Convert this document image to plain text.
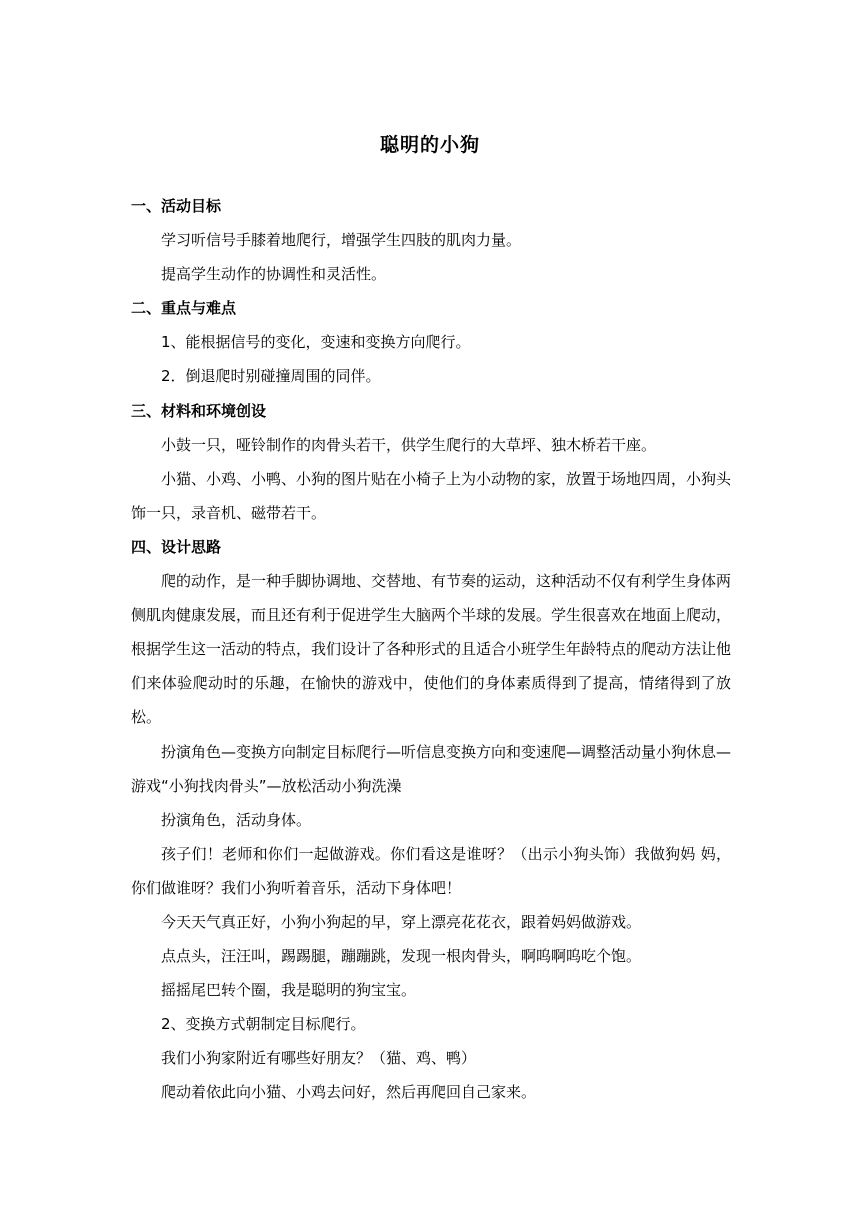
聪明的小狗
一、活动目标
学习听信号手膝着地爬行，增强学生四肢的肌肉力量。
提高学生动作的协调性和灵活性。
二、重点与难点
1、能根据信号的变化，变速和变换方向爬行。
2．倒退爬时别碰撞周围的同伴。
三、材料和环境创设
小鼓一只，哑铃制作的肉骨头若干，供学生爬行的大草坪、独木桥若干座。
小猫、小鸡、小鸭、小狗的图片贴在小椅子上为小动物的家，放置于场地四周，小狗头饰一只，录音机、磁带若干。
四、设计思路
爬的动作，是一种手脚协调地、交替地、有节奏的运动，这种活动不仅有利学生身体两侧肌肉健康发展，而且还有利于促进学生大脑两个半球的发展。学生很喜欢在地面上爬动，根据学生这一活动的特点，我们设计了各种形式的且适合小班学生年龄特点的爬动方法让他们来体验爬动时的乐趣，在愉快的游戏中，使他们的身体素质得到了提高，情绪得到了放松。
扮演角色—变换方向制定目标爬行—听信息变换方向和变速爬—调整活动量小狗休息—游戏“小狗找肉骨头”—放松活动小狗洗澡
扮演角色，活动身体。
孩子们！老师和你们一起做游戏。你们看这是谁呀？（出示小狗头饰）我做狗妈 妈，你们做谁呀？我们小狗听着音乐，活动下身体吧！
今天天气真正好，小狗小狗起的早，穿上漂亮花花衣，跟着妈妈做游戏。
点点头，汪汪叫，踢踢腿，蹦蹦跳，发现一根肉骨头，啊呜啊呜吃个饱。
摇摇尾巴转个圈，我是聪明的狗宝宝。
2、变换方式朝制定目标爬行。
我们小狗家附近有哪些好朋友？（猫、鸡、鸭）
爬动着依此向小猫、小鸡去问好，然后再爬回自己家来。
